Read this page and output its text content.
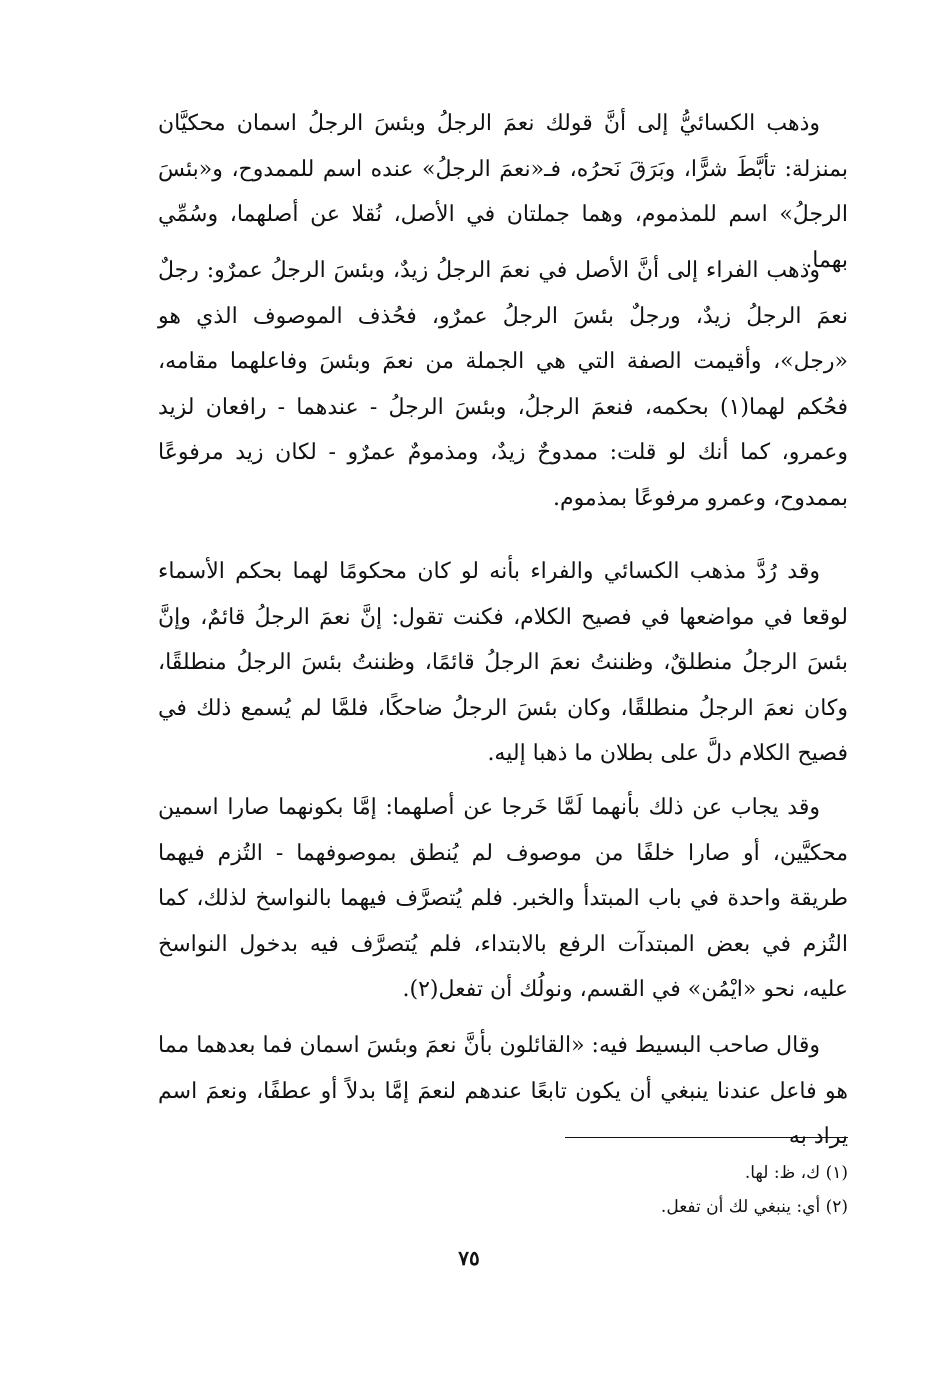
وذهب الكسائيُّ إلى أنَّ قولك نعمَ الرجلُ وبئسَ الرجلُ اسمان محكيَّان بمنزلة: تأبَّطَ شرًّا، وبَرَقَ نَحرُه، فـ«نعمَ الرجلُ» عنده اسم للممدوح، و«بئسَ الرجلُ» اسم للمذموم، وهما جملتان في الأصل، نُقلا عن أصلهما، وسُمِّي بهما.

وذهب الفراء إلى أنَّ الأصل في نعمَ الرجلُ زيدٌ، وبئسَ الرجلُ عمرٌو: رجلٌ نعمَ الرجلُ زيدٌ، ورجلٌ بئسَ الرجلُ عمرٌو، فحُذف الموصوف الذي هو «رجل»، وأقيمت الصفة التي هي الجملة من نعمَ وبئسَ وفاعلهما مقامه، فحُكم لهما(١) بحكمه، فنعمَ الرجلُ، وبئسَ الرجلُ - عندهما - رافعان لزيد وعمرو، كما أنك لو قلت: ممدوحٌ زيدٌ، ومذمومٌ عمرٌو - لكان زيد مرفوعًا بممدوح، وعمرو مرفوعًا بمذموم.

وقد رُدَّ مذهب الكسائي والفراء بأنه لو كان محكومًا لهما بحكم الأسماء لوقعا في مواضعها في فصيح الكلام، فكنت تقول: إنَّ نعمَ الرجلُ قائمٌ، وإنَّ بئسَ الرجلُ منطلقٌ، وظننتُ نعمَ الرجلُ قائمًا، وظننتُ بئسَ الرجلُ منطلقًا، وكان نعمَ الرجلُ منطلقًا، وكان بئسَ الرجلُ ضاحكًا، فلمَّا لم يُسمع ذلك في فصيح الكلام دلَّ على بطلان ما ذهبا إليه.

وقد يجاب عن ذلك بأنهما لَمَّا خَرجا عن أصلهما: إمَّا بكونهما صارا اسمين محكيَّين، أو صارا خلفًا من موصوف لم يُنطق بموصوفهما - التُزم فيهما طريقة واحدة في باب المبتدأ والخبر. فلم يُتصرَّف فيهما بالنواسخ لذلك، كما التُزم في بعض المبتدآت الرفع بالابتداء، فلم يُتصرَّف فيه بدخول النواسخ عليه، نحو «ايْمُن» في القسم، ونولُك أن تفعل(٢).

وقال صاحب البسيط فيه: «القائلون بأنَّ نعمَ وبئسَ اسمان فما بعدهما مما هو فاعل عندنا ينبغي أن يكون تابعًا عندهم لنعمَ إمَّا بدلاً أو عطفًا، ونعمَ اسم يراد به

(١) ك، ظ: لها.

(٢) أي: ينبغي لك أن تفعل.

٧٥
